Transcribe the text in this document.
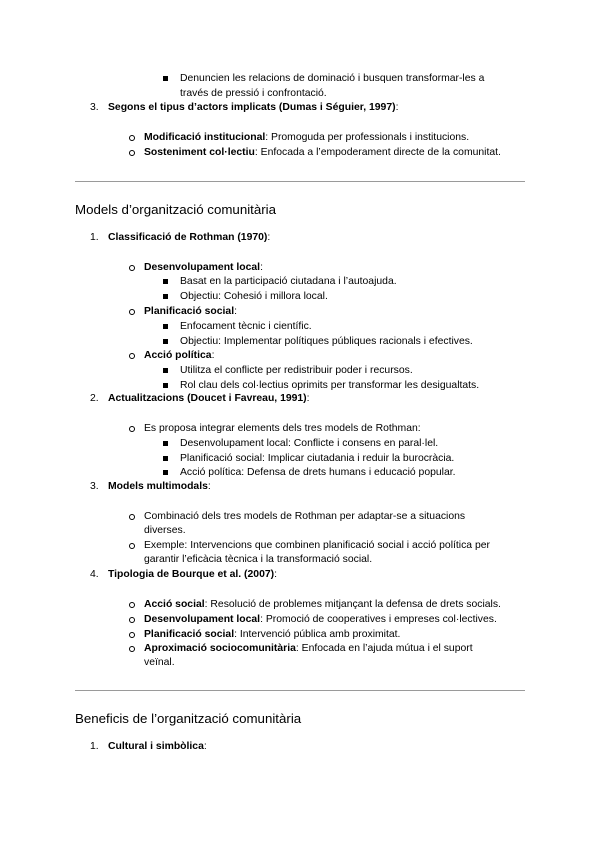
Denuncien les relacions de dominació i busquen transformar-les a
través de pressió i confrontació.
3. Segons el tipus d’actors implicats (Dumas i Séguier, 1997):
Modificació institucional: Promoguda per professionals i institucions.
Sosteniment col·lectiu: Enfocada a l’empoderament directe de la comunitat.
Models d’organització comunitària
1. Classificació de Rothman (1970):
Desenvolupament local:
Basat en la participació ciutadana i l’autoajuda.
Objectiu: Cohesió i millora local.
Planificació social:
Enfocament tècnic i científic.
Objectiu: Implementar polítiques públiques racionals i efectives.
Acció política:
Utilitza el conflicte per redistribuir poder i recursos.
Rol clau dels col·lectius oprimits per transformar les desigualtats.
2. Actualitzacions (Doucet i Favreau, 1991):
Es proposa integrar elements dels tres models de Rothman:
Desenvolupament local: Conflicte i consens en paral·lel.
Planificació social: Implicar ciutadania i reduir la burocràcia.
Acció política: Defensa de drets humans i educació popular.
3. Models multimodals:
Combinació dels tres models de Rothman per adaptar-se a situacions
diverses.
Exemple: Intervencions que combinen planificació social i acció política per
garantir l’eficàcia tècnica i la transformació social.
4. Tipologia de Bourque et al. (2007):
Acció social: Resolució de problemes mitjançant la defensa de drets socials.
Desenvolupament local: Promoció de cooperatives i empreses col·lectives.
Planificació social: Intervenció pública amb proximitat.
Aproximació sociocomunitària: Enfocada en l’ajuda mútua i el suport
veïnal.
Beneficis de l’organització comunitària
1. Cultural i simbòlica:
